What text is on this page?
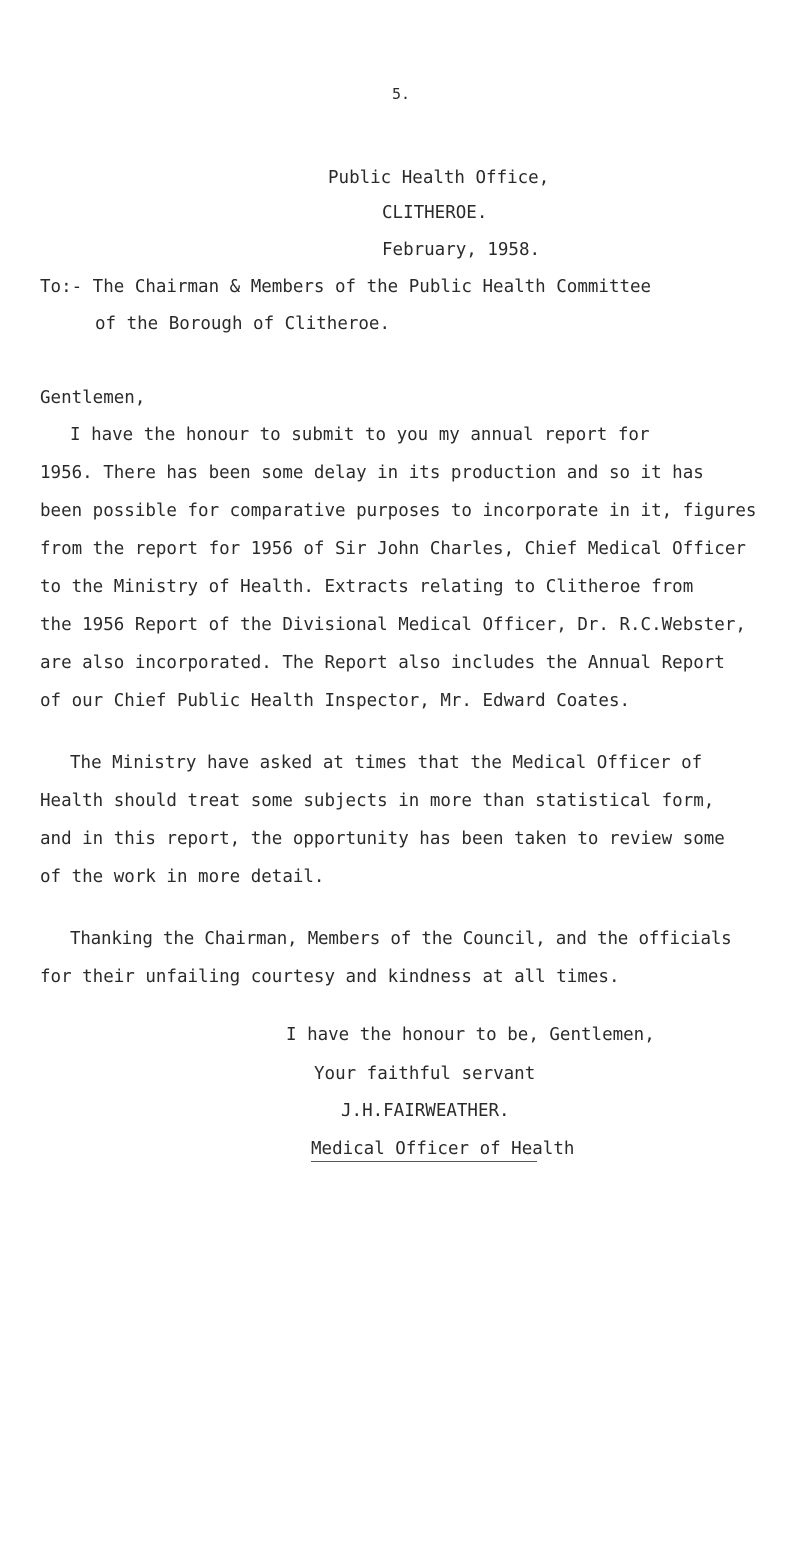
5.
Public Health Office,
CLITHEROE.
February, 1958.
To:- The Chairman & Members of the Public Health Committee
of the Borough of Clitheroe.
Gentlemen,
I have the honour to submit to you my annual report for
1956. There has been some delay in its production and so it has
been possible for comparative purposes to incorporate in it, figures
from the report for 1956 of Sir John Charles, Chief Medical Officer
to the Ministry of Health. Extracts relating to Clitheroe from
the 1956 Report of the Divisional Medical Officer, Dr. R.C.Webster,
are also incorporated. The Report also includes the Annual Report
of our Chief Public Health Inspector, Mr. Edward Coates.
The Ministry have asked at times that the Medical Officer of
Health should treat some subjects in more than statistical form,
and in this report, the opportunity has been taken to review some
of the work in more detail.
Thanking the Chairman, Members of the Council, and the officials
for their unfailing courtesy and kindness at all times.
I have the honour to be, Gentlemen,
Your faithful servant
J.H.FAIRWEATHER.
Medical Officer of Health
